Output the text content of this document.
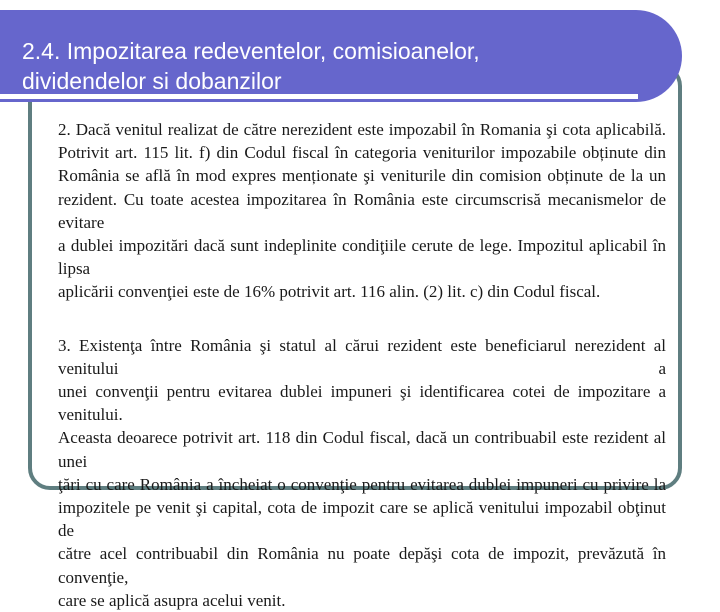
2.4. Impozitarea redeventelor, comisioanelor,
dividendelor si dobanzilor

2. Dacă venitul realizat de către nerezident este impozabil în Romania şi cota aplicabilă.

Potrivit art. 115 lit. f) din Codul fiscal în categoria veniturilor impozabile obținute din

România se află în mod expres menționate şi veniturile din comision obținute de la un

rezident. Cu toate acestea impozitarea în România este circumscrisă mecanismelor de evitare

a dublei impozitări dacă sunt indeplinite condiţiile cerute de lege. Impozitul aplicabil în lipsa

aplicării convenţiei este de 16% potrivit art. 116 alin. (2) lit. c) din Codul fiscal.

3. Existenţa între România şi statul al cărui rezident este beneficiarul nerezident al venitului a

unei convenţii pentru evitarea dublei impuneri şi identificarea cotei de impozitare a venitului.

Aceasta deoarece potrivit art. 118 din Codul fiscal, dacă un contribuabil este rezident al unei

ţări cu care România a încheiat o convenţie pentru evitarea dublei impuneri cu privire la

impozitele pe venit şi capital, cota de impozit care se aplică venitului impozabil obţinut de

către acel contribuabil din România nu poate depăşi cota de impozit, prevăzută în convenţie,

care se aplică asupra acelui venit.
